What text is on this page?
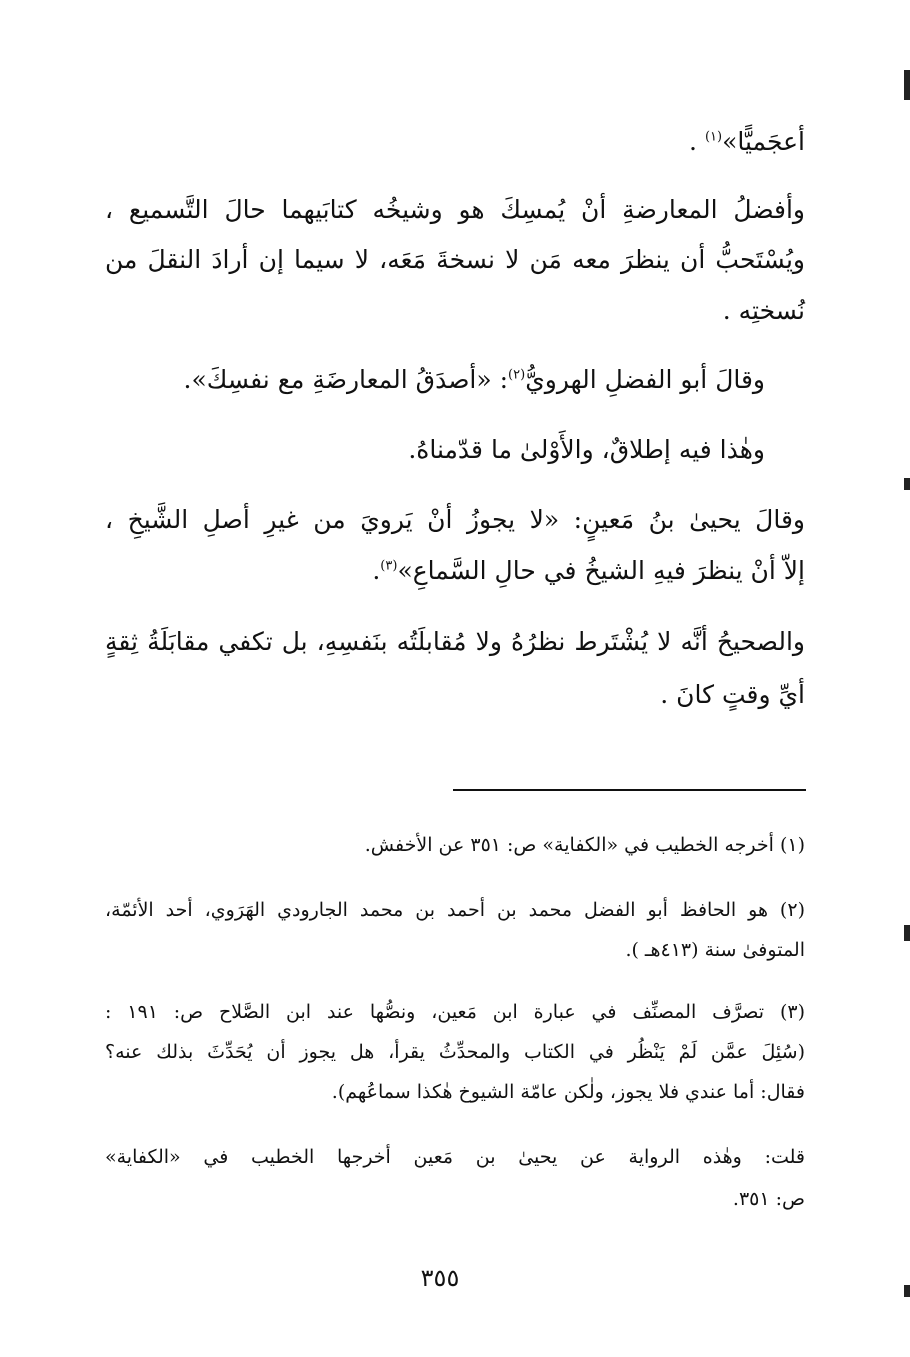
أعجَميًّا»$^{(١)}$ .
وأفضلُ المعارضةِ أنْ يُمسِكَ هو وشيخُه كتابَيهما حالَ التَّسميع ،
ويُسْتَحبُّ أن ينظرَ معه مَن لا نسخةَ مَعَه، لا سيما إن أرادَ النقلَ من
نُسختِه .
وقالَ أبو الفضلِ الهرويُّ$^{(٢)}$: «أصدَقُ المعارضَةِ مع نفسِكَ».
وهٰذا فيه إطلاقٌ، والأَوْلىٰ ما قدّمناهُ.
وقالَ يحيىٰ بنُ مَعينٍ: «لا يجوزُ أنْ يَرويَ من غيرِ أصلِ الشَّيخِ ،
إلاّ أنْ ينظرَ فيهِ الشيخُ في حالِ السَّماعِ»$^{(٣)}$.
والصحيحُ أنَّه لا يُشْتَرط نظرُهُ ولا مُقابلَتُه بنَفسِهِ، بل تكفي مقابَلَةُ ثِقةٍ
أيِّ وقتٍ كانَ .
(١) أخرجه الخطيب في «الكفاية» ص: ٣٥١ عن الأخفش.
(٢) هو الحافظ أبو الفضل محمد بن أحمد بن محمد الجارودي الهَرَوي، أحد الأئمّة،
المتوفىٰ سنة (٤١٣هـ ).
(٣) تصرَّف المصنِّف في عبارة ابن مَعين، ونصُّها عند ابن الصَّلاح ص: ١٩١ :
(سُئِلَ عمَّن لَمْ يَنْظُر في الكتاب والمحدِّثُ يقرأ، هل يجوز أن يُحَدِّثَ بذلك عنه؟
فقال: أما عندي فلا يجوز، ولٰكن عامّة الشيوخ هٰكذا سماعُهم).
قلت: وهٰذه الرواية عن يحيىٰ بن مَعين أخرجها الخطيب في «الكفاية»
ص: ٣٥١.
٣٥٥
